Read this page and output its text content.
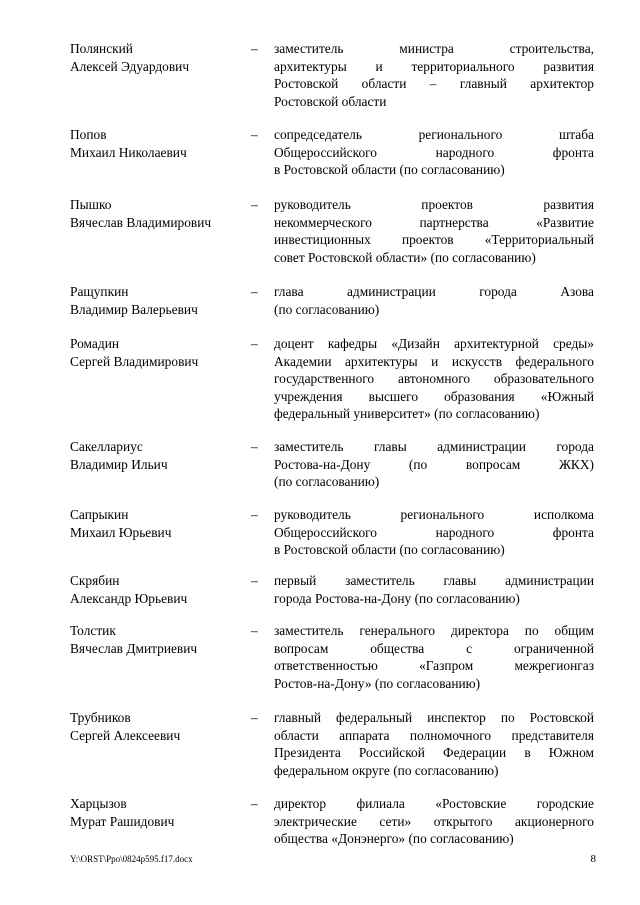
Полянский
Алексей Эдуардович
– заместитель министра строительства,
архитектуры и территориального развития
Ростовской области – главный архитектор
Ростовской области
Попов
Михаил Николаевич
– сопредседатель регионального штаба
Общероссийского народного фронта
в Ростовской области (по согласованию)
Пышко
Вячеслав Владимирович
– руководитель проектов развития
некоммерческого партнерства «Развитие
инвестиционных проектов «Территориальный
совет Ростовской области» (по согласованию)
Ращупкин
Владимир Валерьевич
– глава администрации города Азова
(по согласованию)
Ромадин
Сергей Владимирович
– доцент кафедры «Дизайн архитектурной среды»
Академии архитектуры и искусств федерального
государственного автономного образовательного
учреждения высшего образования «Южный
федеральный университет» (по согласованию)
Сакеллариус
Владимир Ильич
– заместитель главы администрации города
Ростова-на-Дону (по вопросам ЖКХ)
(по согласованию)
Сапрыкин
Михаил Юрьевич
– руководитель регионального исполкома
Общероссийского народного фронта
в Ростовской области (по согласованию)
Скрябин
Александр Юрьевич
– первый заместитель главы администрации
города Ростова-на-Дону (по согласованию)
Толстик
Вячеслав Дмитриевич
– заместитель генерального директора по общим
вопросам общества с ограниченной
ответственностью «Газпром межрегионгаз
Ростов-на-Дону» (по согласованию)
Трубников
Сергей Алексеевич
– главный федеральный инспектор по Ростовской
области аппарата полномочного представителя
Президента Российской Федерации в Южном
федеральном округе (по согласованию)
Харцызов
Мурат Рашидович
– директор филиала «Ростовские городские
электрические сети» открытого акционерного
общества «Донэнерго» (по согласованию)
Y:\ORST\Ppo\0824p595.f17.docx	8
